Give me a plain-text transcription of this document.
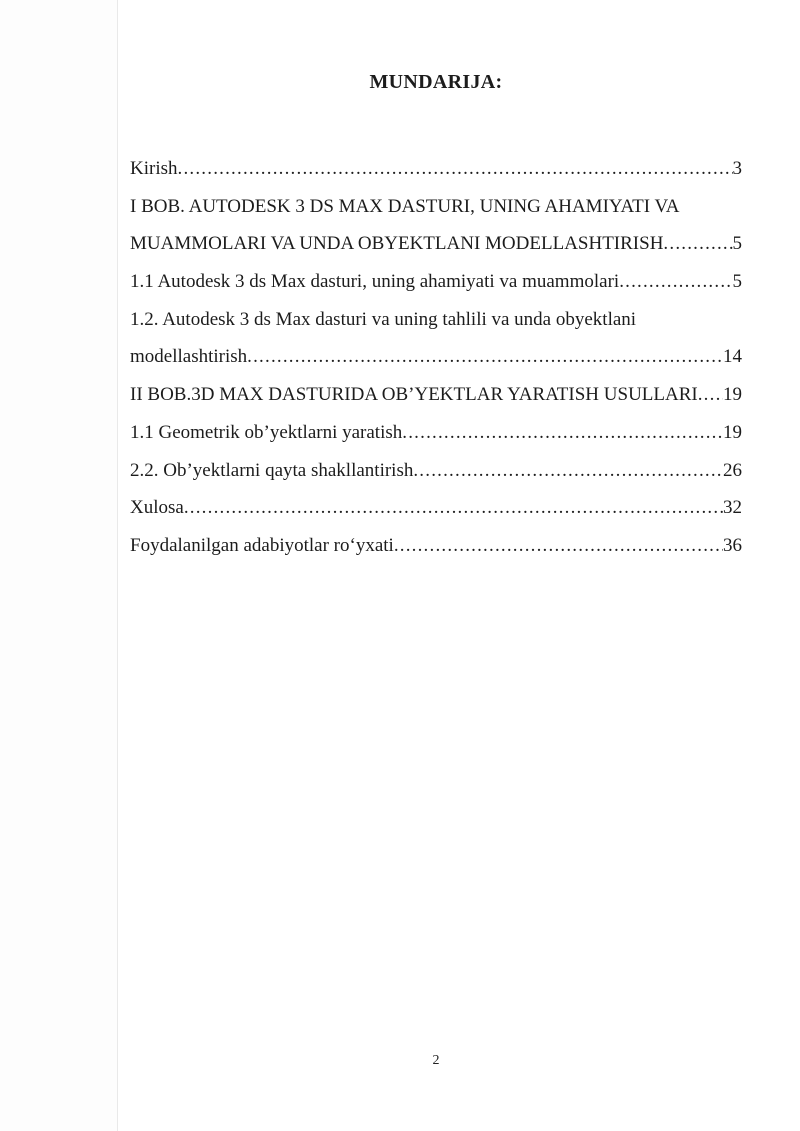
MUNDARIJA:
Kirish .....	3
I BOB. AUTODESK 3 DS MAX DASTURI, UNING AHAMIYATI VA
MUAMMOLARI VA UNDA OBYEKTLANI MODELLASHTIRISH .....	5
1.1 Autodesk 3 ds Max dasturi, uning ahamiyati va muammolari .....	5
1.2. Autodesk 3 ds Max dasturi va uning tahlili va unda obyektlani
modellashtirish .....	14
II BOB.3D MAX DASTURIDA OB’YEKTLAR YARATISH USULLARI ..... 19
1.1 Geometrik ob’yektlarni yaratish .....	19
2.2. Ob’yektlarni qayta shakllantirish .....	26
Xulosa .....	32
Foydalanilgan adabiyotlar ro‘yxati .....	36
2
